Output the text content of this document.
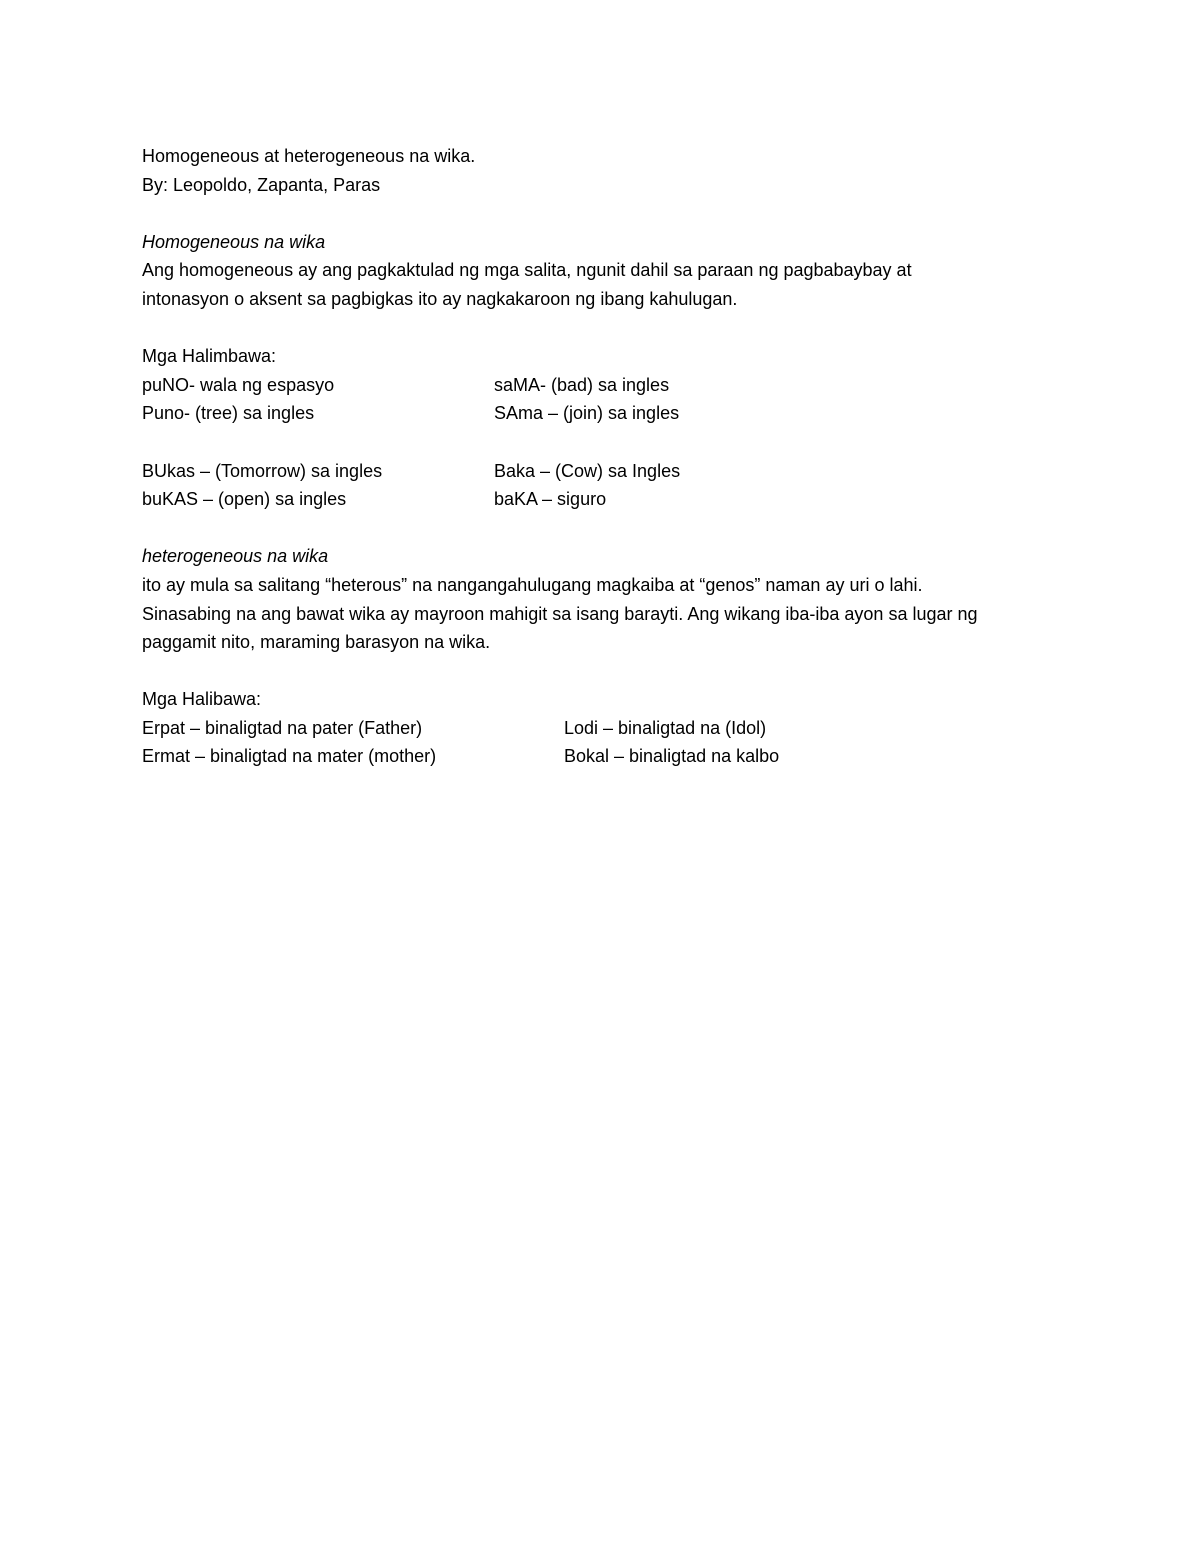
Homogeneous at heterogeneous na wika.
By: Leopoldo, Zapanta, Paras
Homogeneous na wika
Ang homogeneous ay ang pagkaktulad ng mga salita, ngunit dahil sa paraan ng pagbabaybay at
intonasyon o aksent sa pagbigkas ito ay nagkakaroon ng ibang kahulugan.
Mga Halimbawa:
puNO- wala ng espasyo	saMA- (bad) sa ingles
Puno- (tree) sa ingles	SAma – (join) sa ingles
BUkas – (Tomorrow) sa ingles	Baka – (Cow) sa Ingles
buKAS – (open) sa ingles	baKA – siguro
heterogeneous na wika
ito ay mula sa salitang “heterous” na nangangahulugang magkaiba at “genos” naman ay uri o lahi.
Sinasabing na ang bawat wika ay mayroon mahigit sa isang barayti. Ang wikang iba-iba ayon sa lugar ng
paggamit nito, maraming barasyon na wika.
Mga Halibawa:
Erpat – binaligtad na pater (Father)	Lodi – binaligtad na (Idol)
Ermat – binaligtad na mater (mother)	Bokal – binaligtad na kalbo
